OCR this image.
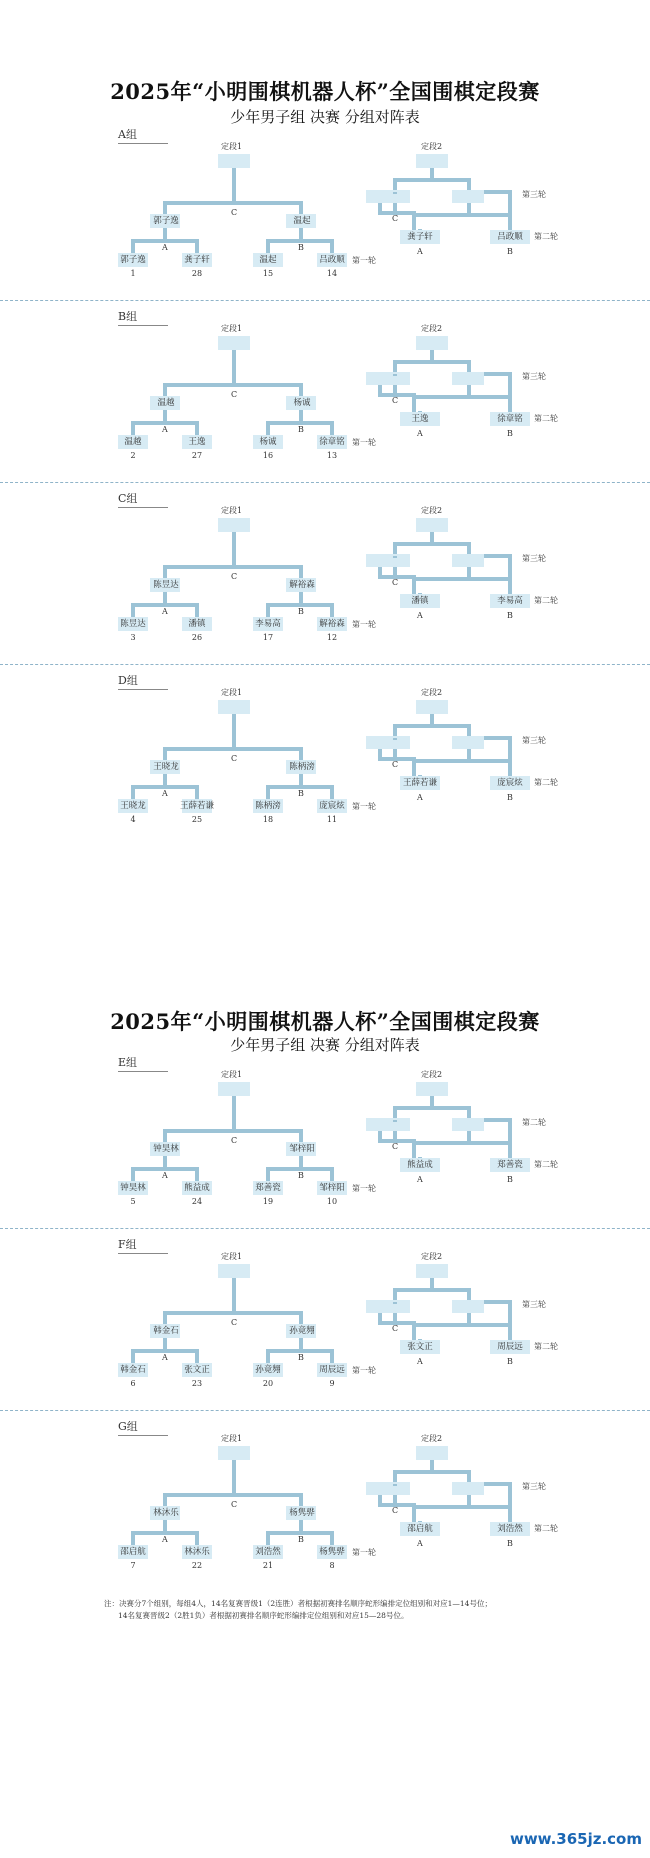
2025年“小明围棋机器人杯”全国围棋定段赛
少年男子组 决赛 分组对阵表
2025年“小明围棋机器人杯”全国围棋定段赛
少年男子组 决赛 分组对阵表
A组
定段1
C
郭子逸	温起
A	B
郭子逸
1
龚子轩
28
温起
15
吕政顺
14
第一轮
定段2
C
第三轮
龚子轩
A
吕政顺
B
第二轮
B组
定段1
C
温越	杨诚
A	B
温越
2
王逸
27
杨诚
16
徐章铭
13
第一轮
定段2
C
第三轮
王逸
A
徐章铭
B
第二轮
C组
定段1
C
陈昱达	解裕森
A	B
陈昱达
3
潘镇
26
李易高
17
解裕森
12
第一轮
定段2
C
第三轮
潘镇
A
李易高
B
第二轮
D组
定段1
C
王晓龙	陈柄滂
A	B
王晓龙
4
王薛若谦
25
陈柄滂
18
庞宸炫
11
第一轮
定段2
C
第三轮
王薛若谦
A
庞宸炫
B
第二轮
E组
定段1
C
钟昊林	邹梓阳
A	B
钟昊林
5
熊益成
24
郑善瓷
19
邹梓阳
10
第一轮
定段2
C
第二轮
熊益成
A
郑善瓷
B
第二轮
F组
定段1
C
韩金石	孙竟翙
A	B
韩金石
6
张文正
23
孙竟翙
20
周辰远
9
第一轮
定段2
C
第三轮
张文正
A
周辰远
B
第二轮
G组
定段1
C
林沐乐	杨隽骅
A	B
邵启航
7
林沐乐
22
刘浩然
21
杨隽骅
8
第一轮
定段2
C
第三轮
邵启航
A
刘浩然
B
第二轮
注：决赛分7个组别，每组4人，14名复赛晋级1（2连胜）者根据初赛排名顺序蛇形编排定位组别和对应1—14号位；
14名复赛晋级2（2胜1负）者根据初赛排名顺序蛇形编排定位组别和对应15—28号位。
www.365jz.com
